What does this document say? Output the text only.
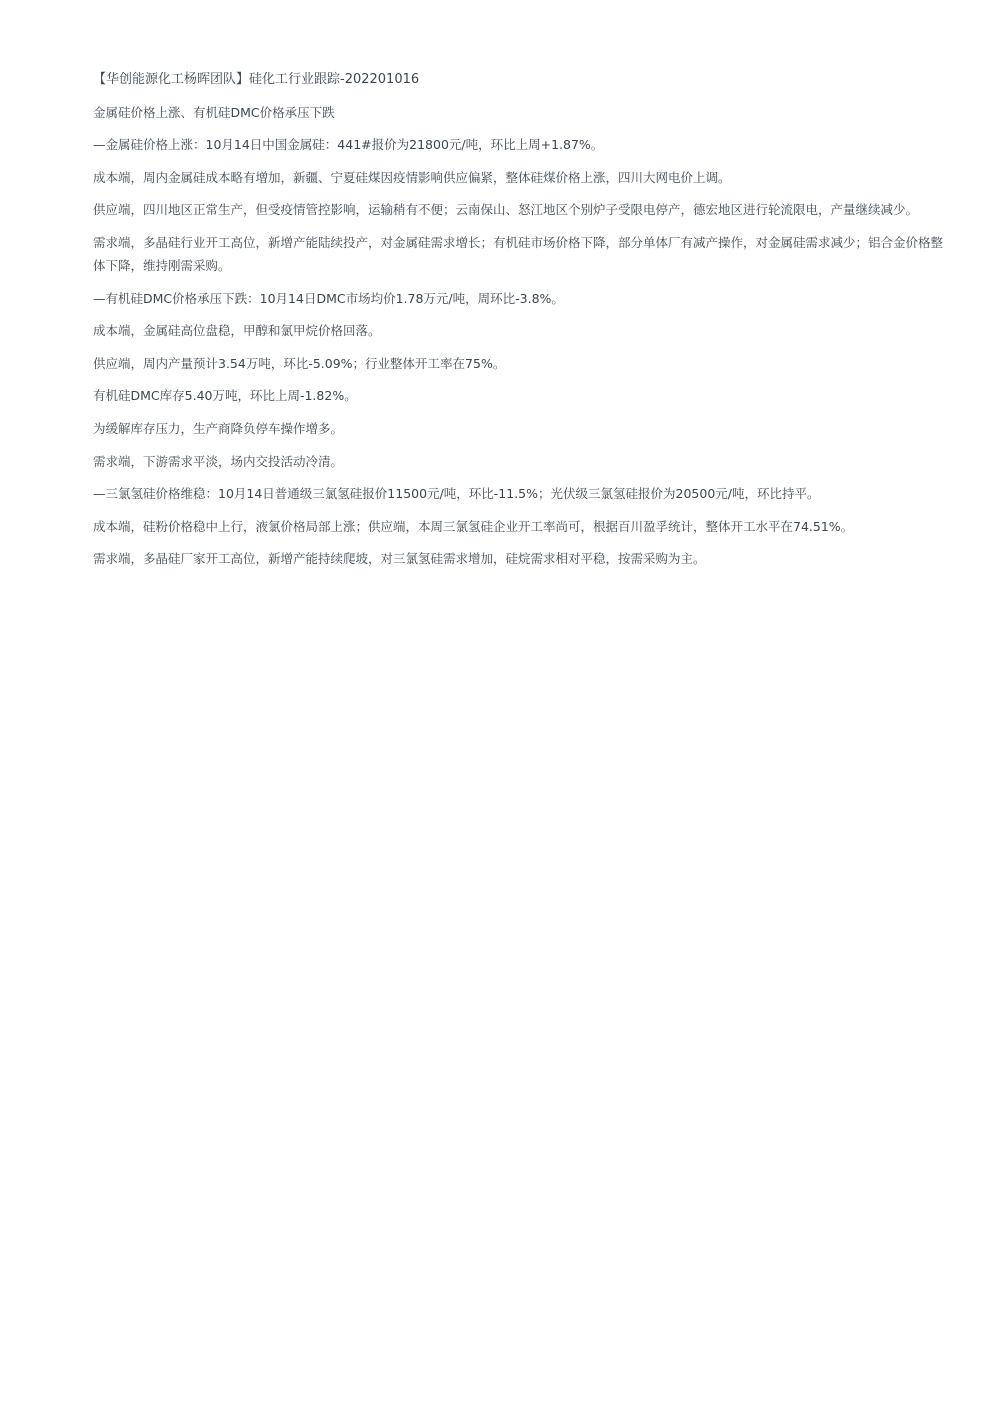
【华创能源化工杨晖团队】硅化工行业跟踪-202201016

金属硅价格上涨、有机硅DMC价格承压下跌

—金属硅价格上涨：10月14日中国金属硅：441#报价为21800元/吨，环比上周+1.87%。

成本端，周内金属硅成本略有增加，新疆、宁夏硅煤因疫情影响供应偏紧，整体硅煤价格上涨，四川大网电价上调。

供应端，四川地区正常生产，但受疫情管控影响，运输稍有不便；云南保山、怒江地区个别炉子受限电停产，德宏地区进行轮流限电，产量继续减少。

需求端，多晶硅行业开工高位，新增产能陆续投产，对金属硅需求增长；有机硅市场价格下降，部分单体厂有减产操作，对金属硅需求减少；铝合金价格整体下降，维持刚需采购。

—有机硅DMC价格承压下跌：10月14日DMC市场均价1.78万元/吨，周环比-3.8%。

成本端，金属硅高位盘稳，甲醇和氯甲烷价格回落。

供应端，周内产量预计3.54万吨，环比-5.09%；行业整体开工率在75%。

有机硅DMC库存5.40万吨，环比上周-1.82%。

为缓解库存压力，生产商降负停车操作增多。

需求端，下游需求平淡，场内交投活动冷清。

—三氯氢硅价格维稳：10月14日普通级三氯氢硅报价11500元/吨，环比-11.5%；光伏级三氯氢硅报价为20500元/吨，环比持平。

成本端，硅粉价格稳中上行，液氯价格局部上涨；供应端，本周三氯氢硅企业开工率尚可，根据百川盈孚统计，整体开工水平在74.51%。

需求端，多晶硅厂家开工高位，新增产能持续爬坡，对三氯氢硅需求增加，硅烷需求相对平稳，按需采购为主。
